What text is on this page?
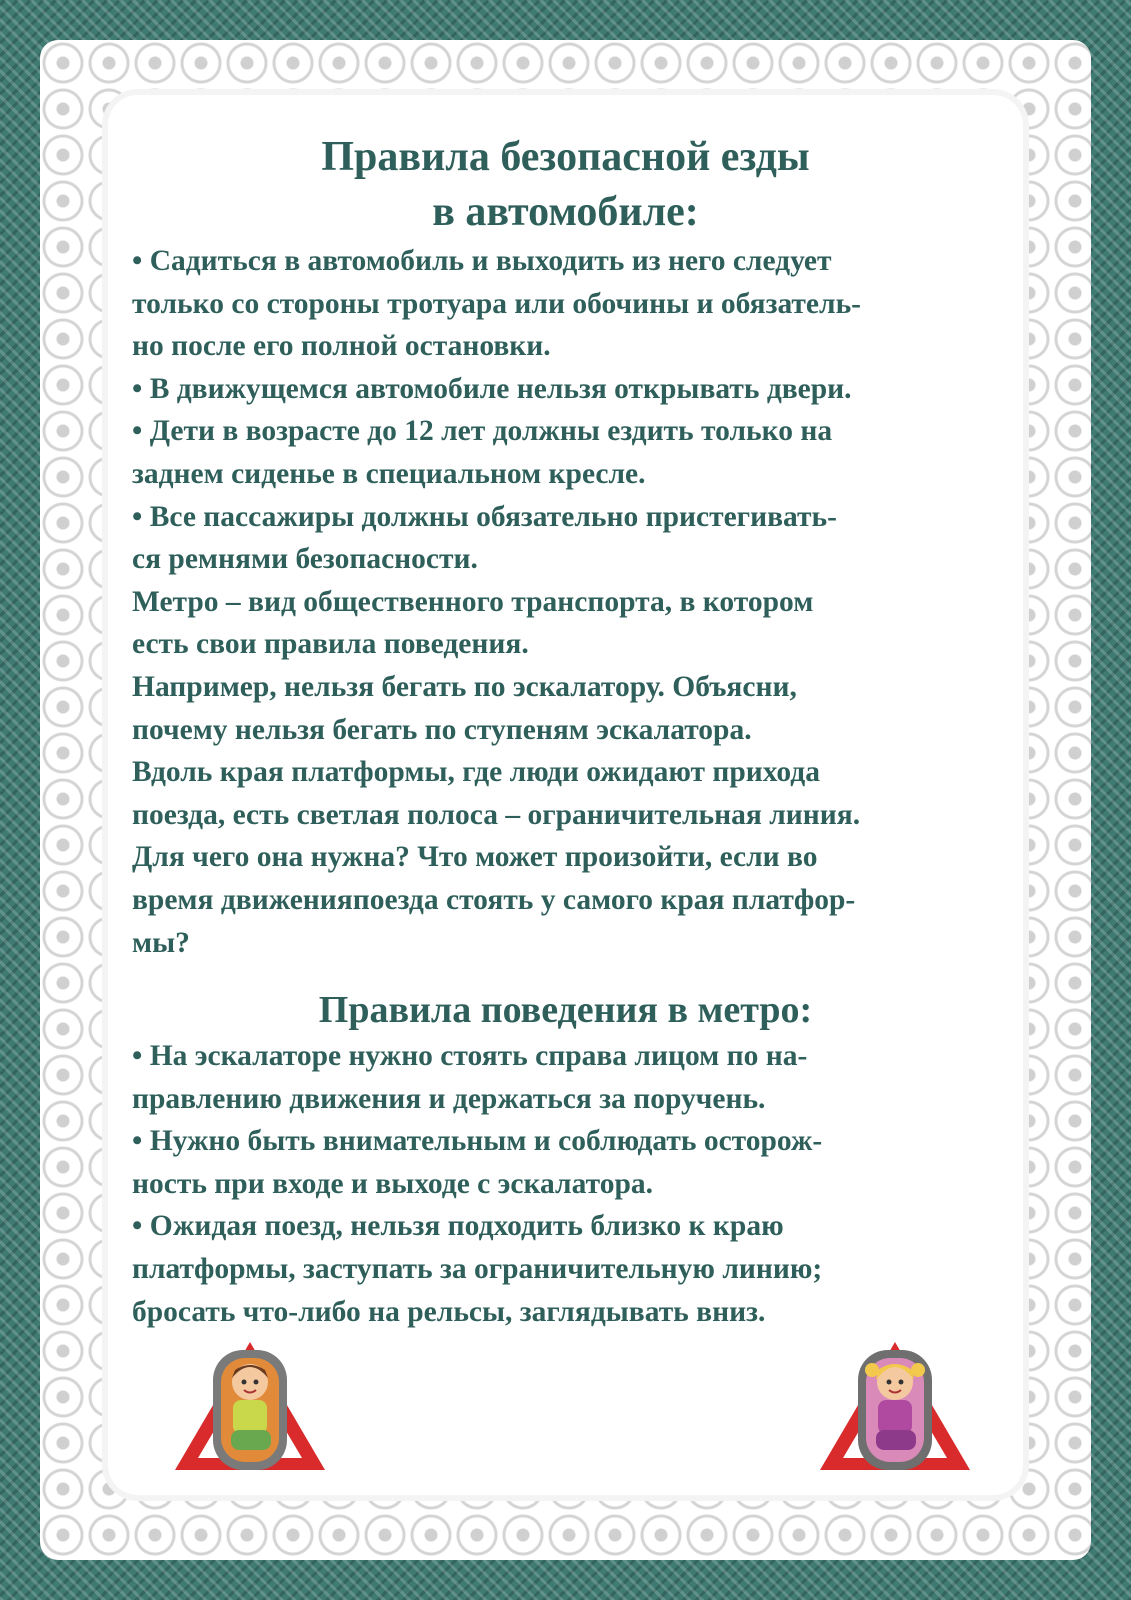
Правила безопасной езды
в автомобиле:

• Садиться в автомобиль и выходить из него следует

только со стороны тротуара или обочины и обязатель-

но после его полной остановки.

• В движущемся автомобиле нельзя открывать двери.

• Дети в возрасте до 12 лет должны ездить только на

заднем сиденье в специальном кресле.

• Все пассажиры должны обязательно пристегивать-

ся ремнями безопасности.

Метро – вид общественного транспорта, в котором

есть свои правила поведения.

Например, нельзя бегать по эскалатору. Объясни,

почему нельзя бегать по ступеням эскалатора.

Вдоль края платформы, где люди ожидают прихода

поезда, есть светлая полоса – ограничительная линия.

Для чего она нужна? Что может произойти, если во

время движенияпоезда стоять у самого края платфор-

мы?

Правила поведения в метро:

• На эскалаторе нужно стоять справа лицом по на-

правлению движения и держаться за поручень.

• Нужно быть внимательным и соблюдать осторож-

ность при входе и выходе с эскалатора.

• Ожидая поезд, нельзя подходить близко к краю

платформы, заступать за ограничительную линию;

бросать что-либо на рельсы, заглядывать вниз.
